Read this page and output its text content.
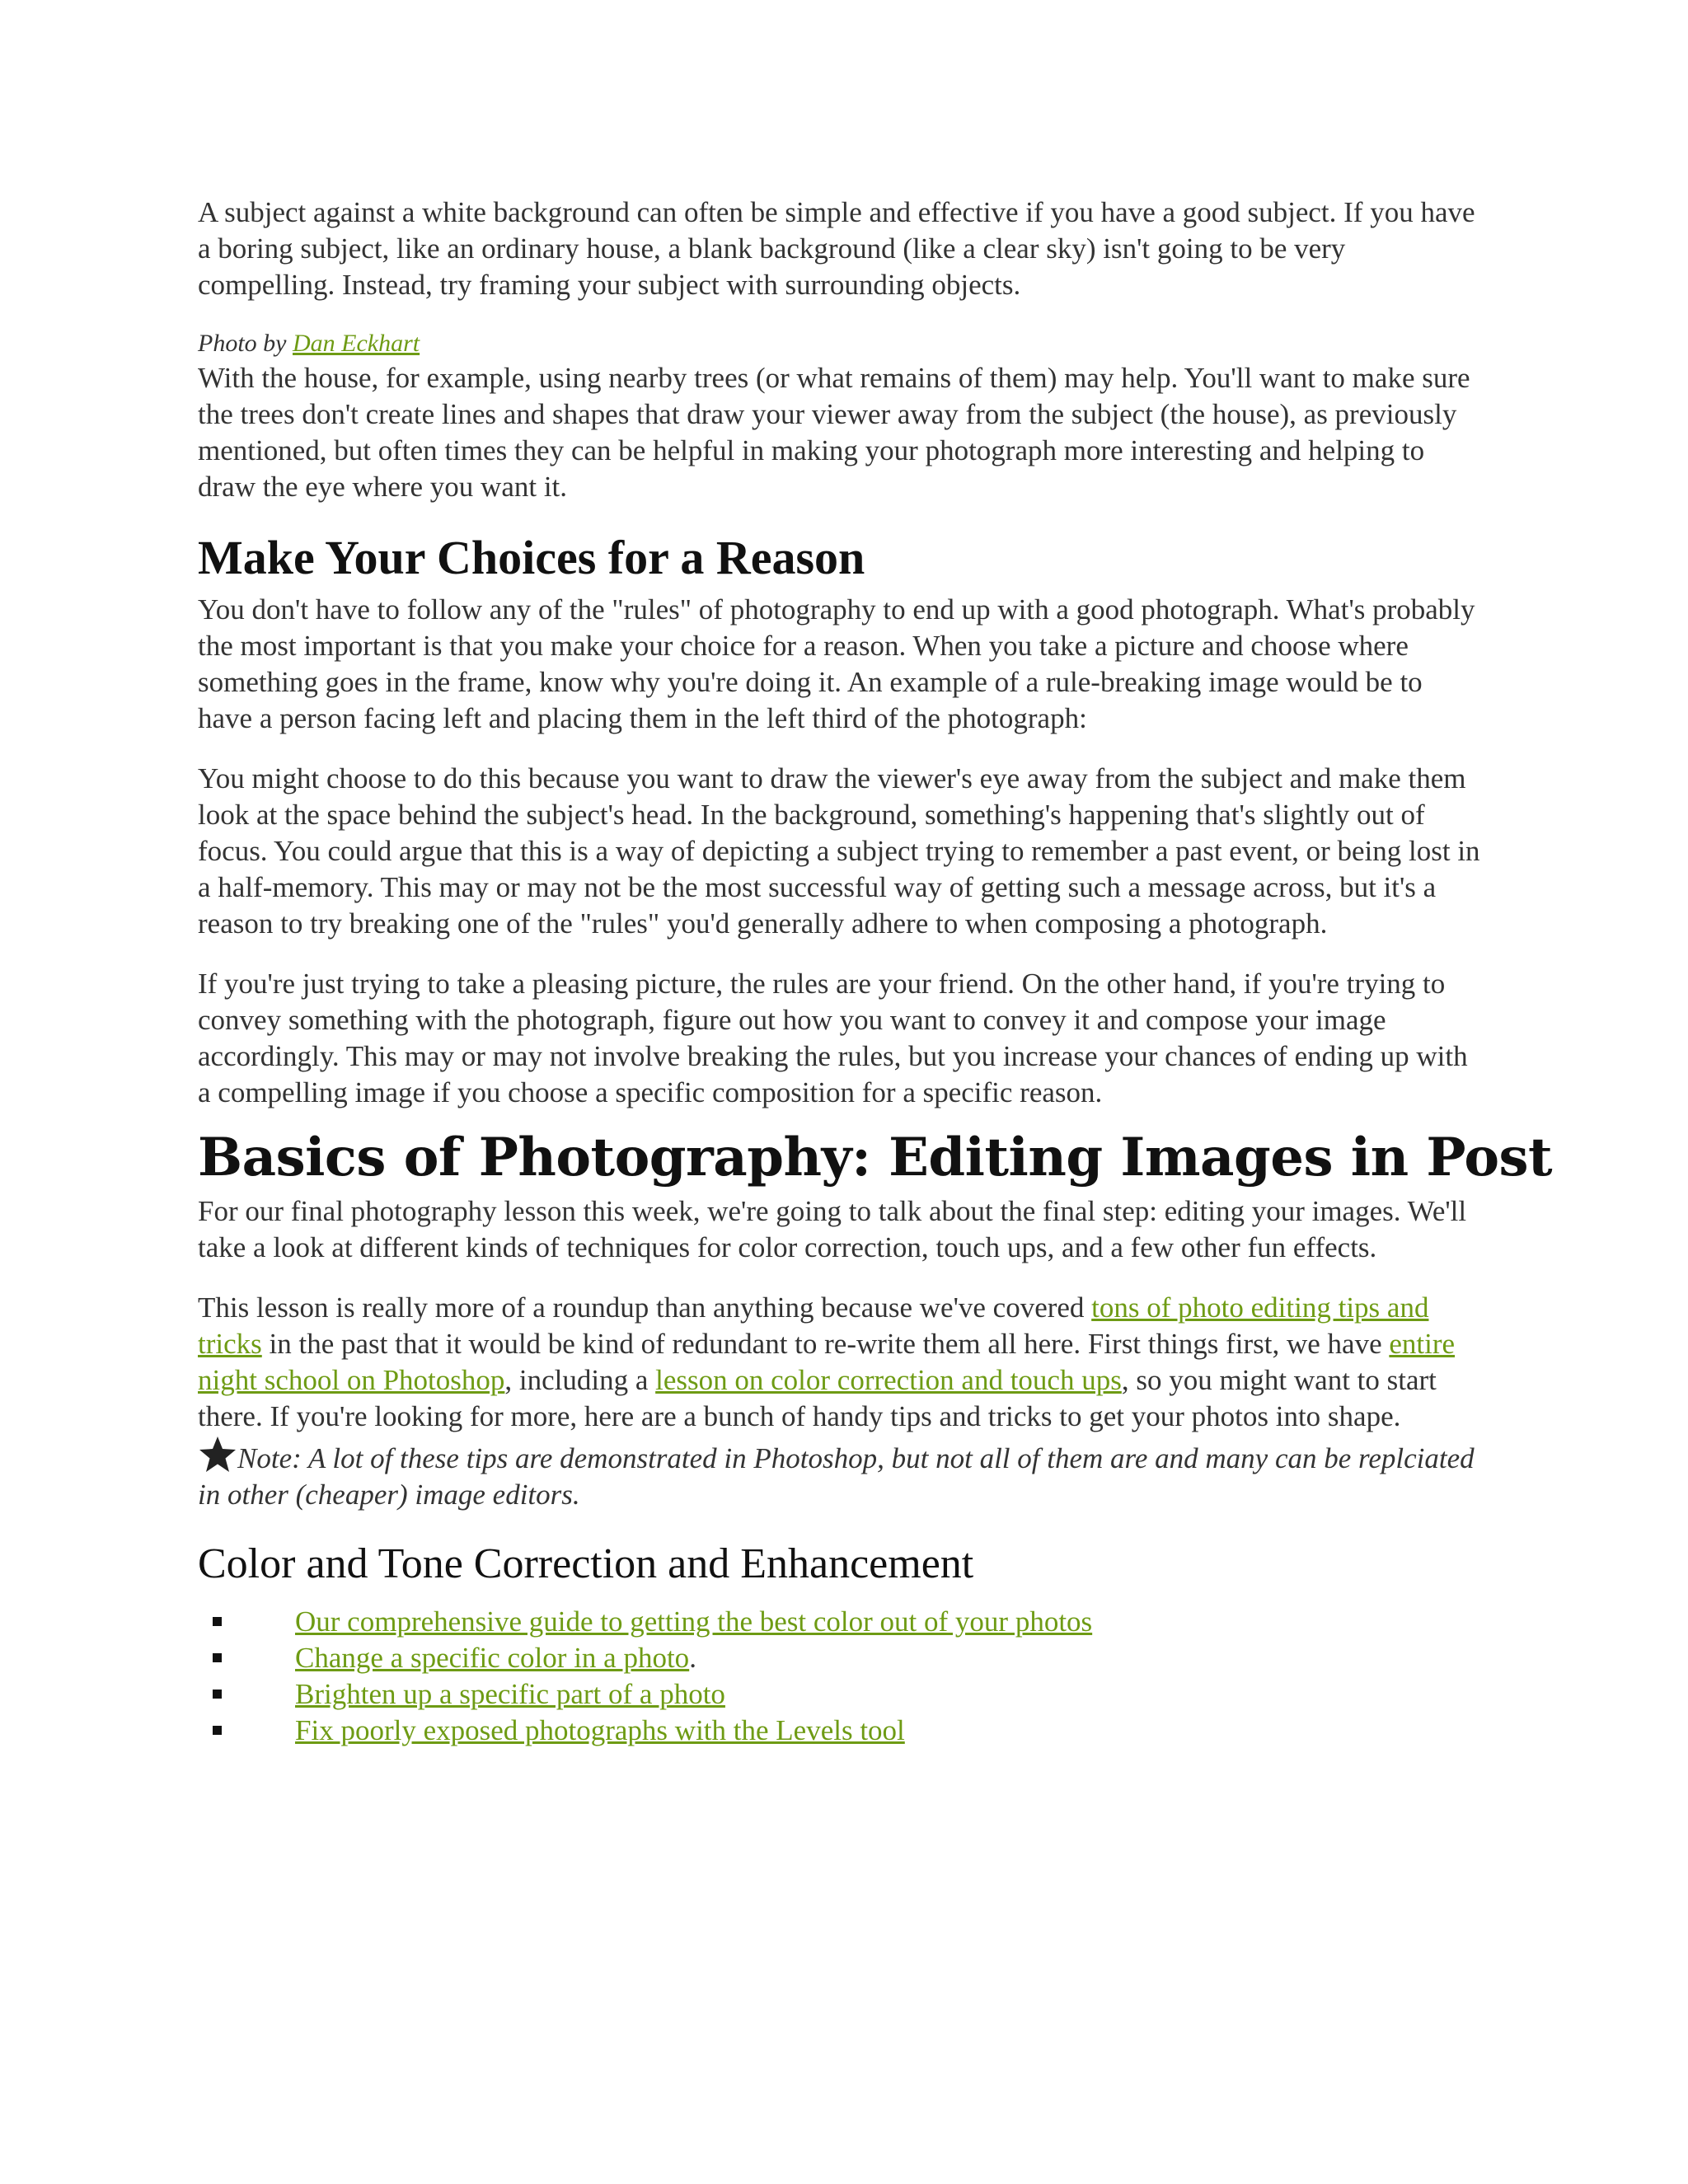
A subject against a white background can often be simple and effective if you have a good subject. If you have a boring subject, like an ordinary house, a blank background (like a clear sky) isn't going to be very compelling. Instead, try framing your subject with surrounding objects.

Photo by Dan Eckhart

With the house, for example, using nearby trees (or what remains of them) may help. You'll want to make sure the trees don't create lines and shapes that draw your viewer away from the subject (the house), as previously mentioned, but often times they can be helpful in making your photograph more interesting and helping to draw the eye where you want it.

Make Your Choices for a Reason

You don't have to follow any of the "rules" of photography to end up with a good photograph. What's probably the most important is that you make your choice for a reason. When you take a picture and choose where something goes in the frame, know why you're doing it. An example of a rule-breaking image would be to have a person facing left and placing them in the left third of the photograph:

You might choose to do this because you want to draw the viewer's eye away from the subject and make them look at the space behind the subject's head. In the background, something's happening that's slightly out of focus. You could argue that this is a way of depicting a subject trying to remember a past event, or being lost in a half-memory. This may or may not be the most successful way of getting such a message across, but it's a reason to try breaking one of the "rules" you'd generally adhere to when composing a photograph.

If you're just trying to take a pleasing picture, the rules are your friend. On the other hand, if you're trying to convey something with the photograph, figure out how you want to convey it and compose your image accordingly. This may or may not involve breaking the rules, but you increase your chances of ending up with a compelling image if you choose a specific composition for a specific reason.

Basics of Photography: Editing Images in Post

For our final photography lesson this week, we're going to talk about the final step: editing your images. We'll take a look at different kinds of techniques for color correction, touch ups, and a few other fun effects.

This lesson is really more of a roundup than anything because we've covered tons of photo editing tips and tricks in the past that it would be kind of redundant to re-write them all here. First things first, we have entire night school on Photoshop, including a lesson on color correction and touch ups, so you might want to start there. If you're looking for more, here are a bunch of handy tips and tricks to get your photos into shape.

Note: A lot of these tips are demonstrated in Photoshop, but not all of them are and many can be replciated in other (cheaper) image editors.
Color and Tone Correction and Enhancement
Our comprehensive guide to getting the best color out of your photos
Change a specific color in a photo.
Brighten up a specific part of a photo
Fix poorly exposed photographs with the Levels tool
